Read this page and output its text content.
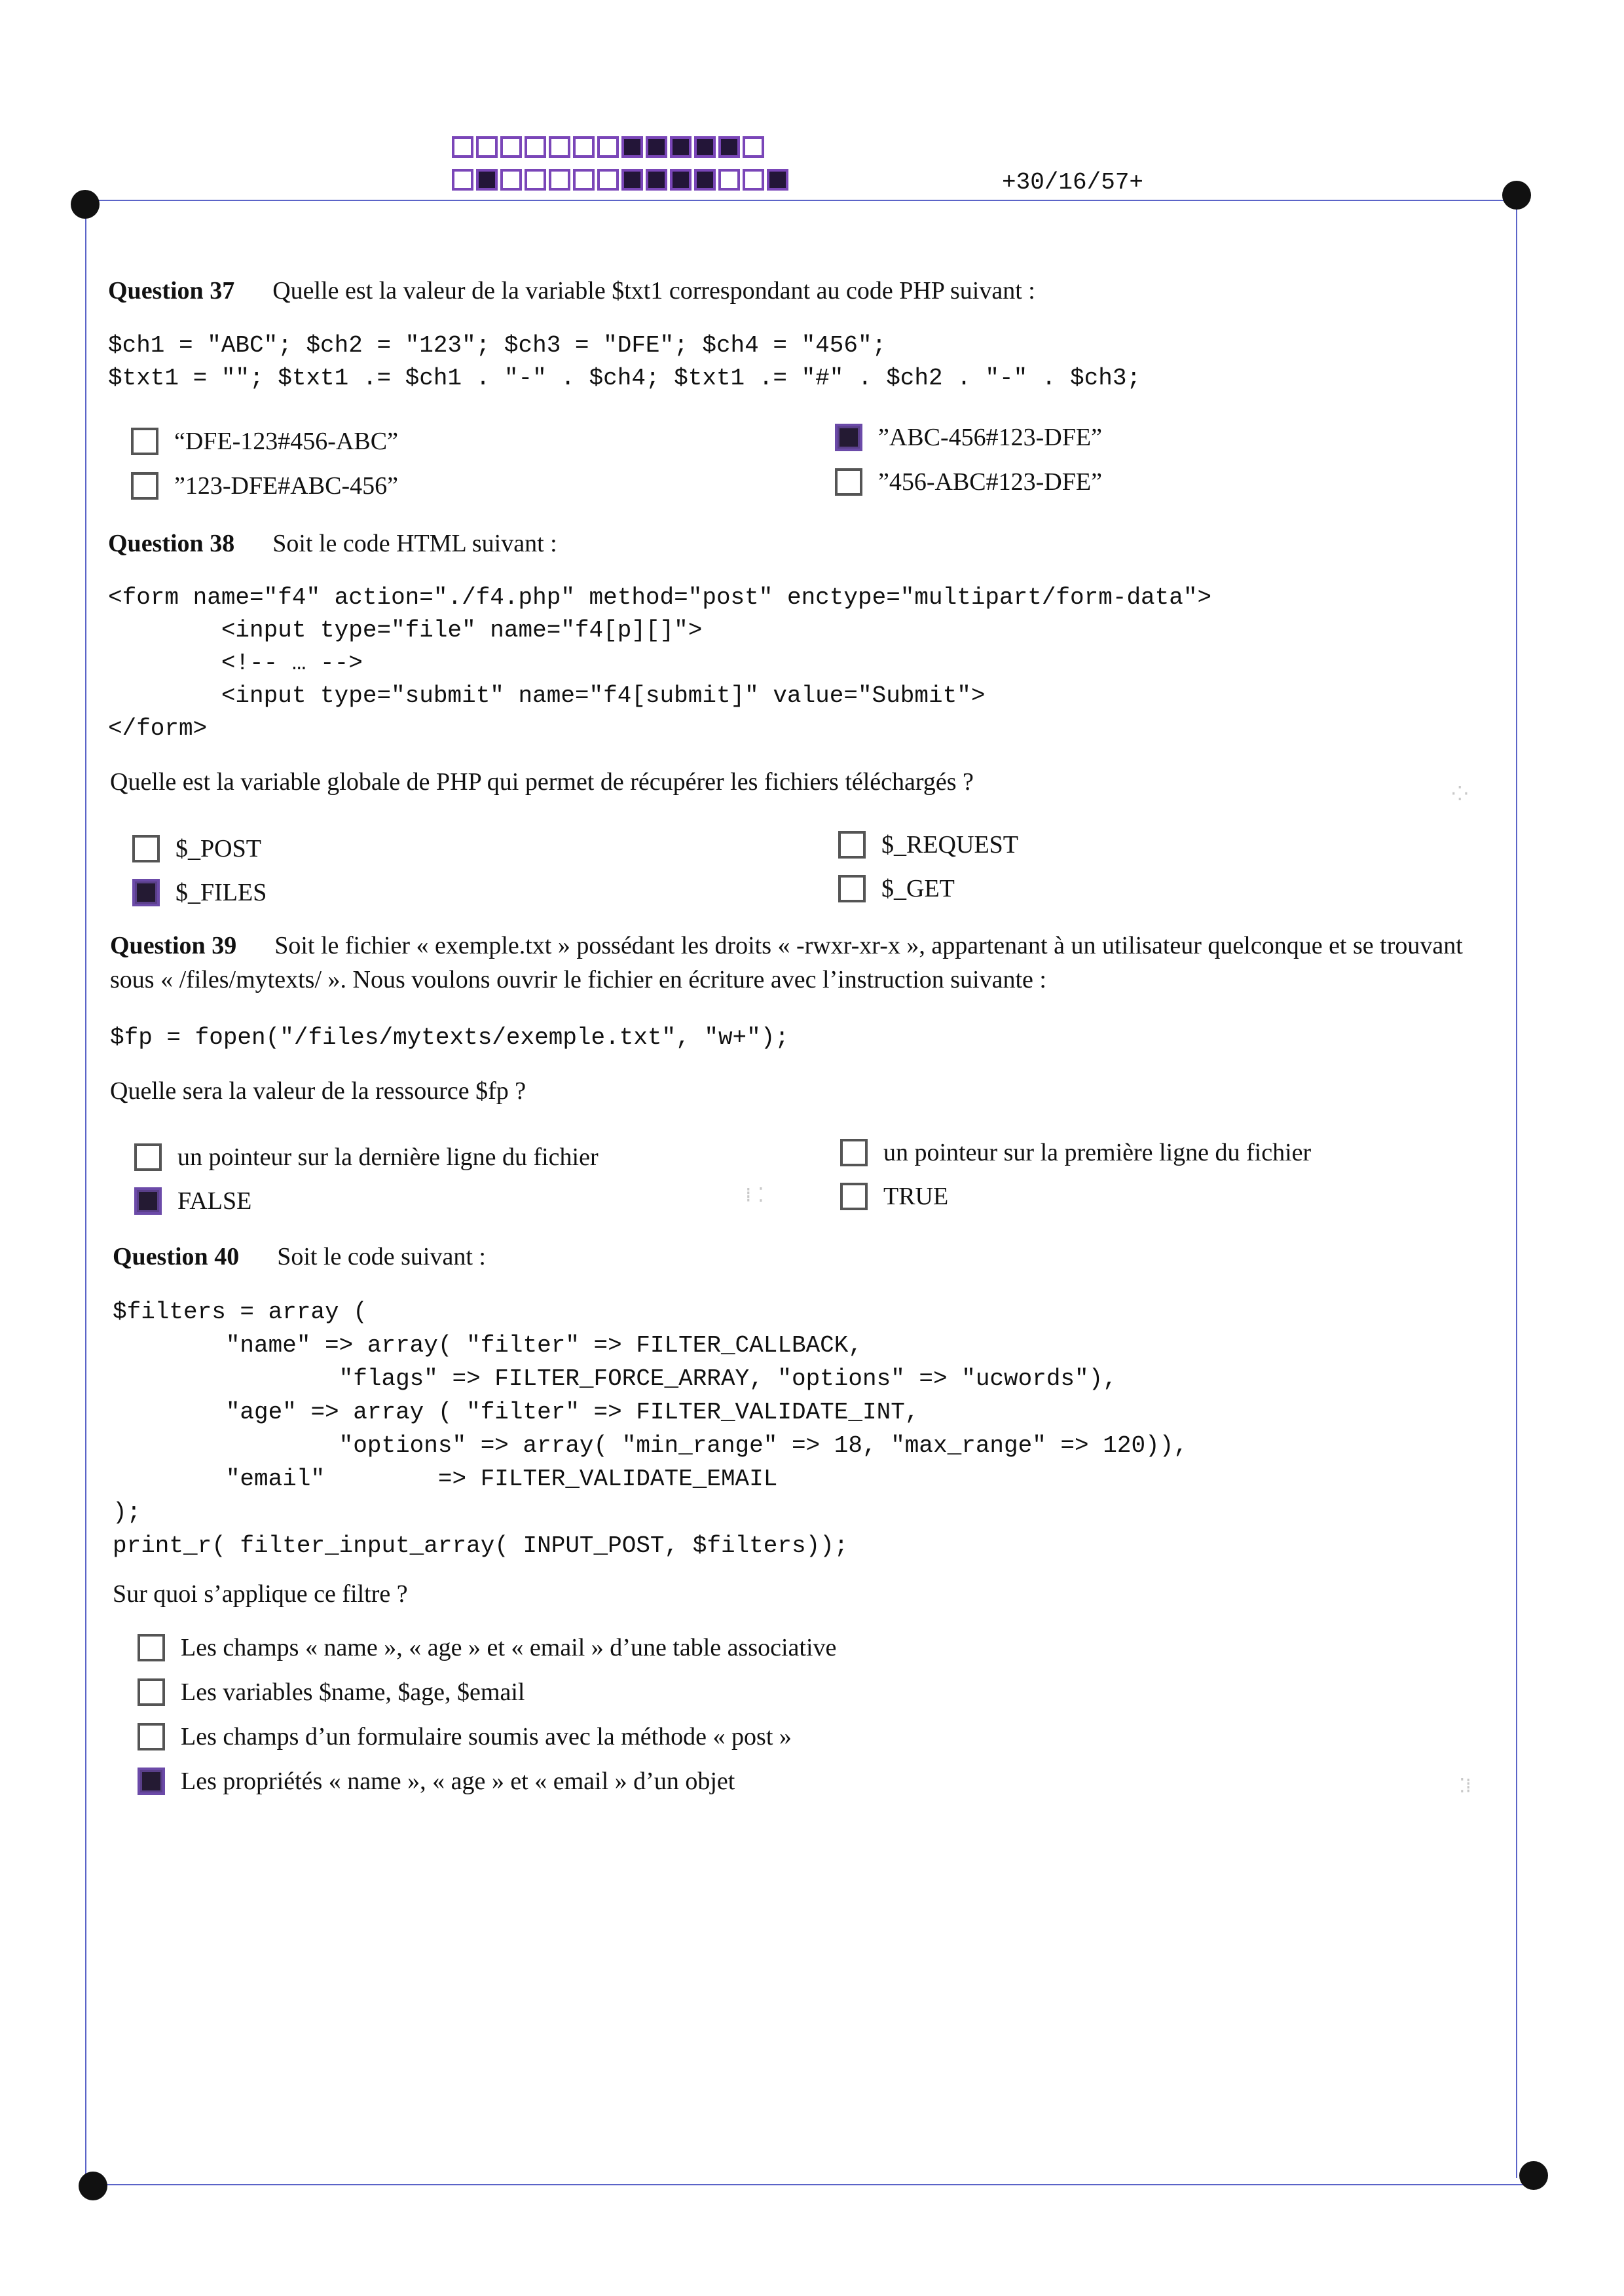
+30/16/57+
Question 37 Quelle est la valeur de la variable $txt1 correspondant au code PHP suivant :
$ch1 = "ABC"; $ch2 = "123"; $ch3 = "DFE"; $ch4 = "456";
$txt1 = ""; $txt1 .= $ch1 . "-" . $ch4; $txt1 .= "#" . $ch2 . "-" . $ch3;
“DFE-123#456-ABC”	”ABC-456#123-DFE”
”123-DFE#ABC-456”	”456-ABC#123-DFE”
Question 38 Soit le code HTML suivant :
<form name="f4" action="./f4.php" method="post" enctype="multipart/form-data">
<input type="file" name="f4[p][]">
<!-- … -->
<input type="submit" name="f4[submit]" value="Submit">
</form>
Quelle est la variable globale de PHP qui permet de récupérer les fichiers téléchargés ?
$_POST	$_REQUEST
$_FILES	$_GET
Question 39 Soit le fichier « exemple.txt » possédant les droits « -rwxr-xr-x », appartenant à un utilisateur quelconque et se trouvant sous « /files/mytexts/ ». Nous voulons ouvrir le fichier en écriture avec l’instruction suivante :
$fp = fopen("/files/mytexts/exemple.txt", "w+");
Quelle sera la valeur de la ressource $fp ?
un pointeur sur la dernière ligne du fichier	un pointeur sur la première ligne du fichier
FALSE	TRUE
Question 40 Soit le code suivant :
$filters = array (
"name" => array( "filter" => FILTER_CALLBACK,
"flags" => FILTER_FORCE_ARRAY, "options" => "ucwords"),
"age" => array ( "filter" => FILTER_VALIDATE_INT,
"options" => array( "min_range" => 18, "max_range" => 120)),
"email"        => FILTER_VALIDATE_EMAIL
);
print_r( filter_input_array( INPUT_POST, $filters));
Sur quoi s’applique ce filtre ?
Les champs « name », « age » et « email » d’une table associative
Les variables $name, $age, $email
Les champs d’un formulaire soumis avec la méthode « post »
Les propriétés « name », « age » et « email » d’un objet
·⁚·
⁞ ⁚
⁚⁞
